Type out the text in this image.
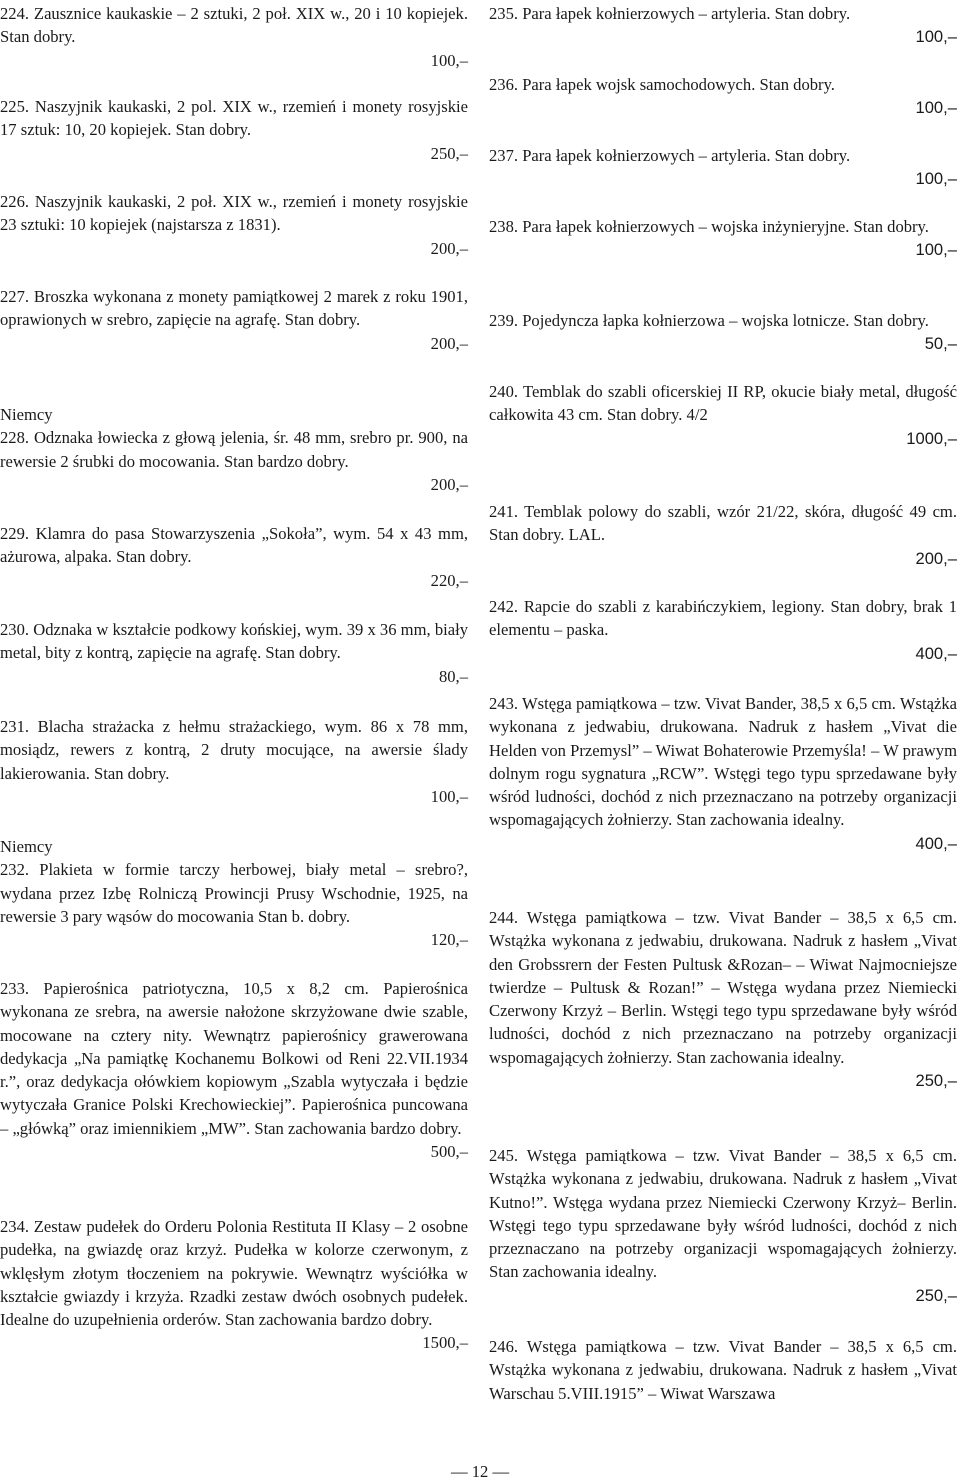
224. Zausznice kaukaskie – 2 sztuki, 2 poł. XIX w., 20 i 10 kopiejek. Stan dobry.

100,–

225. Naszyjnik kaukaski, 2 pol. XIX w., rzemień i monety rosyjskie 17 sztuk: 10, 20 kopiejek. Stan dobry.

250,–

226. Naszyjnik kaukaski, 2 poł. XIX w., rzemień i monety rosyjskie 23 sztuki: 10 kopiejek (najstarsza z 1831).

200,–

227. Broszka wykonana z monety pamiątkowej 2 marek z roku 1901, oprawionych w srebro, zapięcie na agrafę. Stan dobry.

200,–

Niemcy

228. Odznaka łowiecka z głową jelenia, śr. 48 mm, srebro pr. 900, na rewersie 2 śrubki do mocowania. Stan bardzo dobry.

200,–

229. Klamra do pasa Stowarzyszenia „Sokoła”, wym. 54 x 43 mm, ażurowa, alpaka. Stan dobry.

220,–

230. Odznaka w kształcie podkowy końskiej, wym. 39 x 36 mm, biały metal, bity z kontrą, zapięcie na agrafę. Stan dobry.

80,–

231. Blacha strażacka z hełmu strażackiego, wym. 86 x 78 mm, mosiądz, rewers z kontrą, 2 druty mocujące, na awersie ślady lakierowania. Stan dobry.

100,–

Niemcy

232. Plakieta w formie tarczy herbowej, biały metal – srebro?, wydana przez Izbę Rolniczą Prowincji Prusy Wschodnie, 1925, na rewersie 3 pary wąsów do mocowania Stan b. dobry.

120,–

233. Papierośnica patriotyczna, 10,5 x 8,2 cm. Papierośnica wykonana ze srebra, na awersie nałożone skrzyżowane dwie szable, mocowane na cztery nity. Wewnątrz papierośnicy grawerowana dedykacja „Na pamiątkę Kochanemu Bolkowi od Reni 22.VII.1934 r.”, oraz dedykacja ołówkiem kopiowym „Szabla wytyczała i będzie wytyczała Granice Polski Krechowieckiej”. Papierośnica puncowana – „główką” oraz imiennikiem „MW”. Stan zachowania bardzo dobry.

500,–

234. Zestaw pudełek do Orderu Polonia Restituta II Klasy – 2 osobne pudełka, na gwiazdę oraz krzyż. Pudełka w kolorze czerwonym, z wklęsłym złotym tłoczeniem na pokrywie. Wewnątrz wyściółka w kształcie gwiazdy i krzyża. Rzadki zestaw dwóch osobnych pudełek. Idealne do uzupełnienia orderów. Stan zachowania bardzo dobry.

1500,–

235. Para łapek kołnierzowych – artyleria. Stan dobry.

100,–

236. Para łapek wojsk samochodowych. Stan dobry.

100,–

237. Para łapek kołnierzowych – artyleria. Stan dobry.

100,–

238. Para łapek kołnierzowych – wojska inżynieryjne. Stan dobry.

100,–

239. Pojedyncza łapka kołnierzowa – wojska lotnicze. Stan dobry.

50,–

240. Temblak do szabli oficerskiej II RP, okucie biały metal, długość całkowita 43 cm. Stan dobry. 4/2

1000,–

241. Temblak polowy do szabli, wzór 21/22, skóra, długość 49 cm. Stan dobry. LAL.

200,–

242. Rapcie do szabli z karabińczykiem, legiony. Stan dobry, brak 1 elementu – paska.

400,–

243. Wstęga pamiątkowa – tzw. Vivat Bander, 38,5 x 6,5 cm. Wstążka wykonana z jedwabiu, drukowana. Nadruk z hasłem „Vivat die Helden von Przemysl” – Wiwat Bohaterowie Przemyśla! – W prawym dolnym rogu sygnatura „RCW”. Wstęgi tego typu sprzedawane były wśród ludności, dochód z nich przeznaczano na potrzeby organizacji wspomagających żołnierzy. Stan zachowania idealny.

400,–

244. Wstęga pamiątkowa – tzw. Vivat Bander – 38,5 x 6,5 cm. Wstążka wykonana z jedwabiu, drukowana. Nadruk z hasłem „Vivat den Grobssrern der Festen Pultusk &Rozan– – Wiwat Najmocniejsze twierdze – Pultusk & Rozan!” – Wstęga wydana przez Niemiecki Czerwony Krzyż – Berlin. Wstęgi tego typu sprzedawane były wśród ludności, dochód z nich przeznaczano na potrzeby organizacji wspomagających żołnierzy. Stan zachowania idealny.

250,–

245. Wstęga pamiątkowa – tzw. Vivat Bander – 38,5 x 6,5 cm. Wstążka wykonana z jedwabiu, drukowana. Nadruk z hasłem „Vivat Kutno!”. Wstęga wydana przez Niemiecki Czerwony Krzyż– Berlin. Wstęgi tego typu sprzedawane były wśród ludności, dochód z nich przeznaczano na potrzeby organizacji wspomagających żołnierzy. Stan zachowania idealny.

250,–

246. Wstęga pamiątkowa – tzw. Vivat Bander – 38,5 x 6,5 cm. Wstążka wykonana z jedwabiu, drukowana. Nadruk z hasłem „Vivat Warschau 5.VIII.1915” – Wiwat Warszawa

— 12 —
